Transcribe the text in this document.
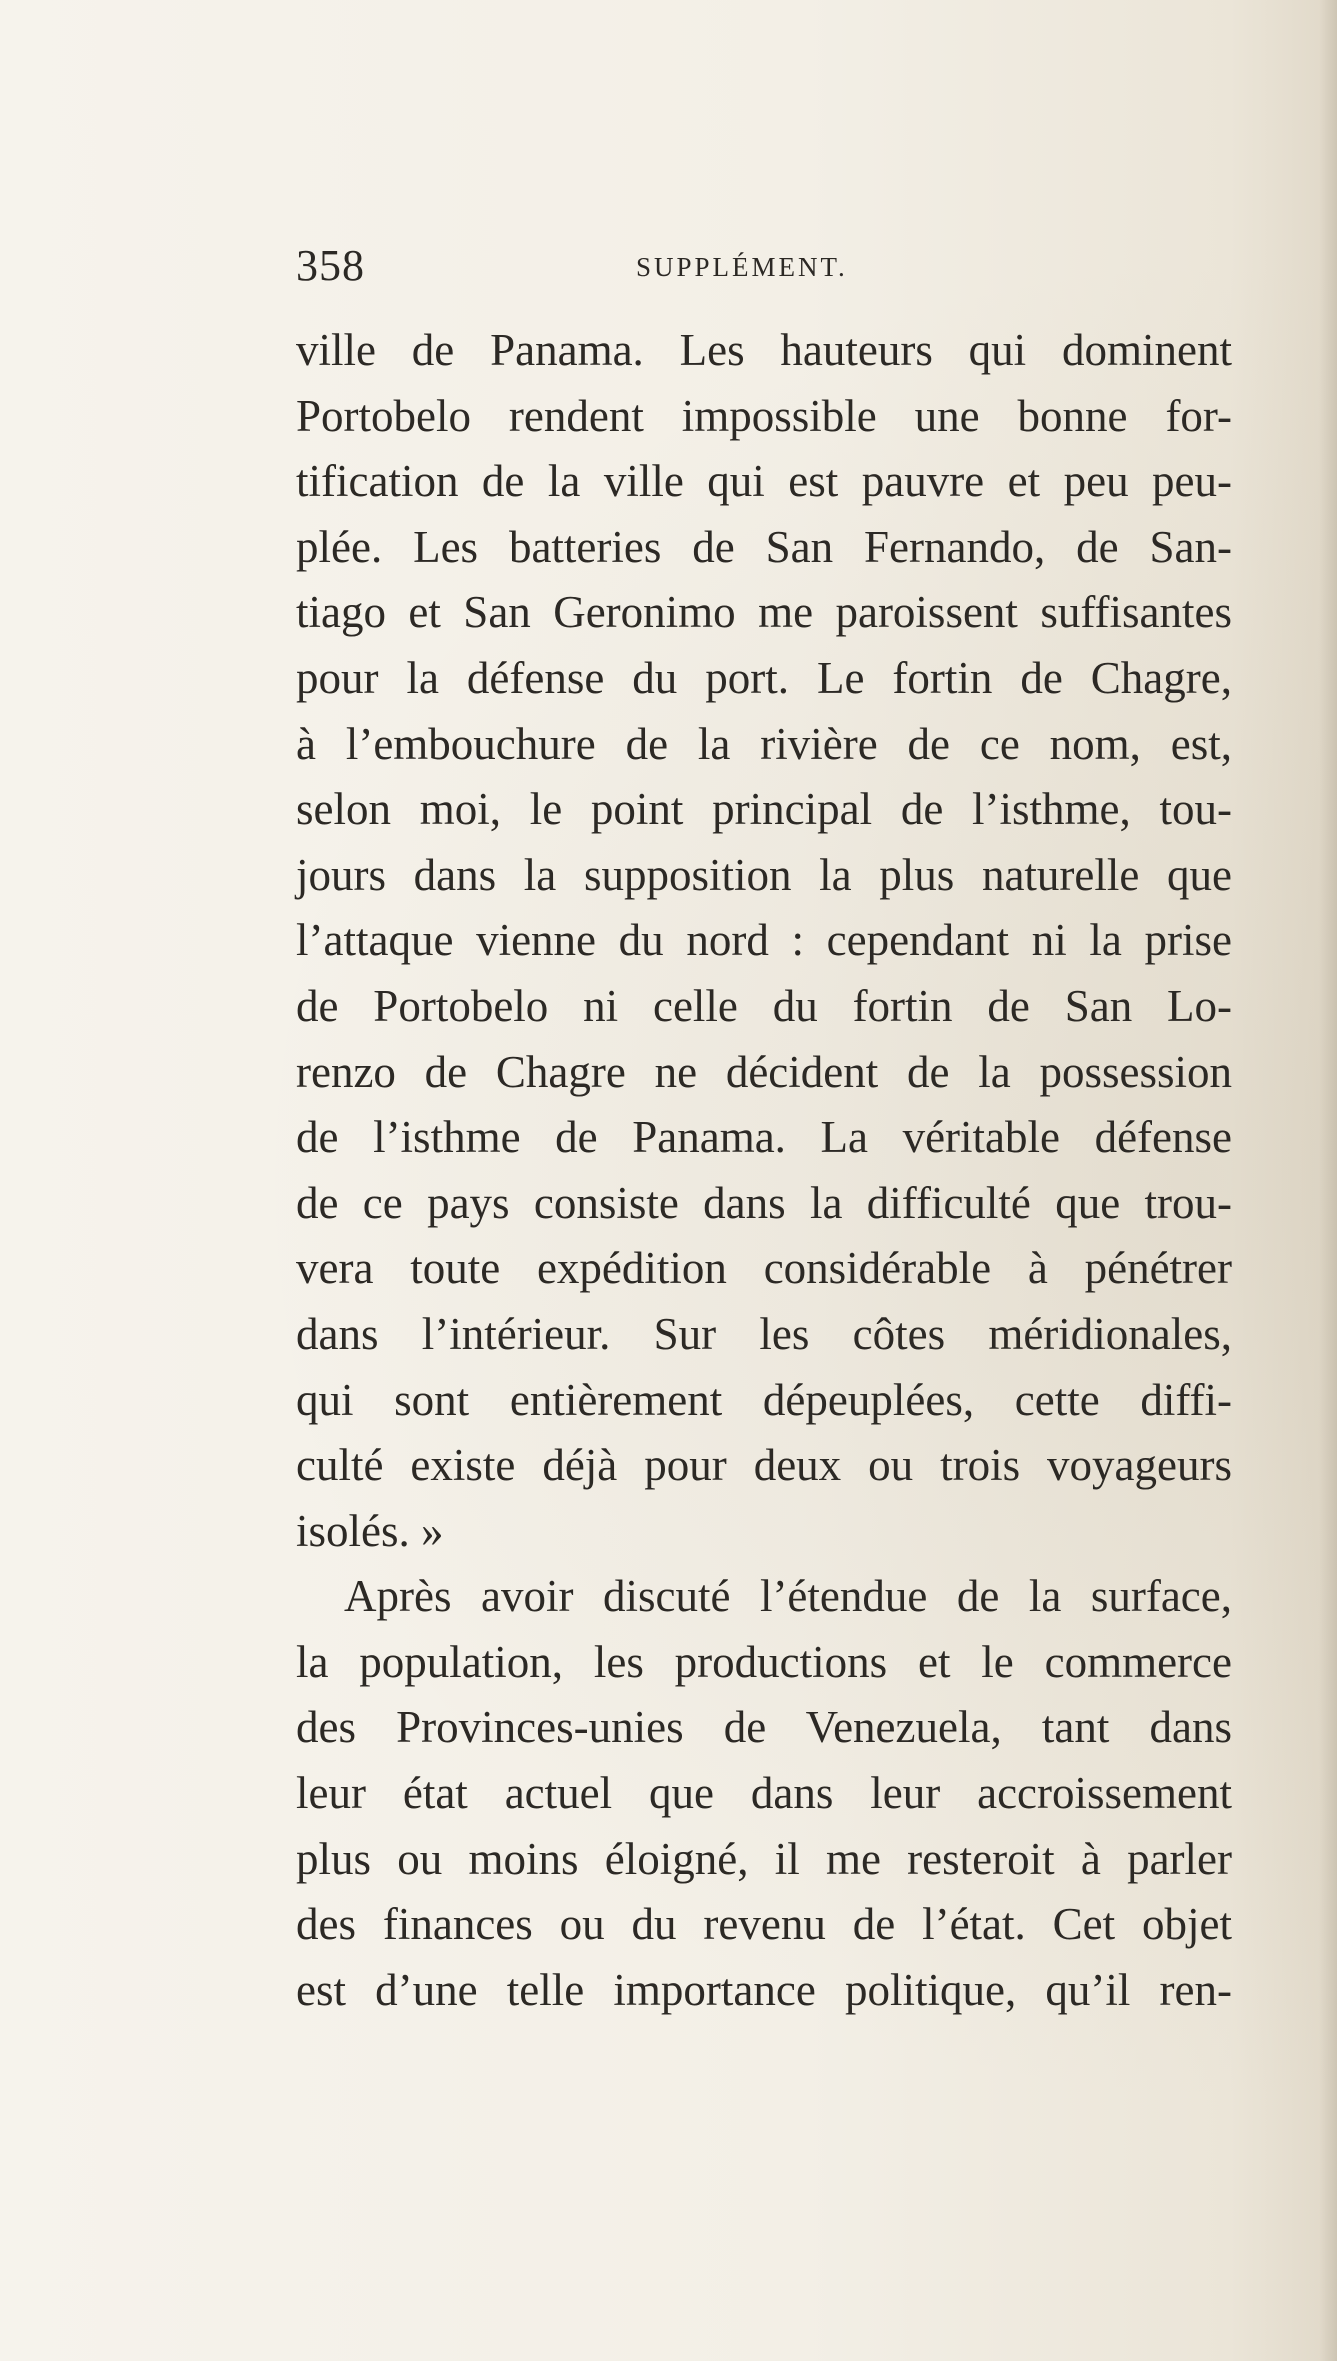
358	SUPPLÉMENT.
ville de Panama. Les hauteurs qui dominent
Portobelo rendent impossible une bonne for-
tification de la ville qui est pauvre et peu peu-
plée. Les batteries de San Fernando, de San-
tiago et San Geronimo me paroissent suffisantes
pour la défense du port. Le fortin de Chagre,
à l’embouchure de la rivière de ce nom, est,
selon moi, le point principal de l’isthme, tou-
jours dans la supposition la plus naturelle que
l’attaque vienne du nord : cependant ni la prise
de Portobelo ni celle du fortin de San Lo-
renzo de Chagre ne décident de la possession
de l’isthme de Panama. La véritable défense
de ce pays consiste dans la difficulté que trou-
vera toute expédition considérable à pénétrer
dans l’intérieur. Sur les côtes méridionales,
qui sont entièrement dépeuplées, cette diffi-
culté existe déjà pour deux ou trois voyageurs
isolés. »
Après avoir discuté l’étendue de la surface,
la population, les productions et le commerce
des Provinces-unies de Venezuela, tant dans
leur état actuel que dans leur accroissement
plus ou moins éloigné, il me resteroit à parler
des finances ou du revenu de l’état. Cet objet
est d’une telle importance politique, qu’il ren-
